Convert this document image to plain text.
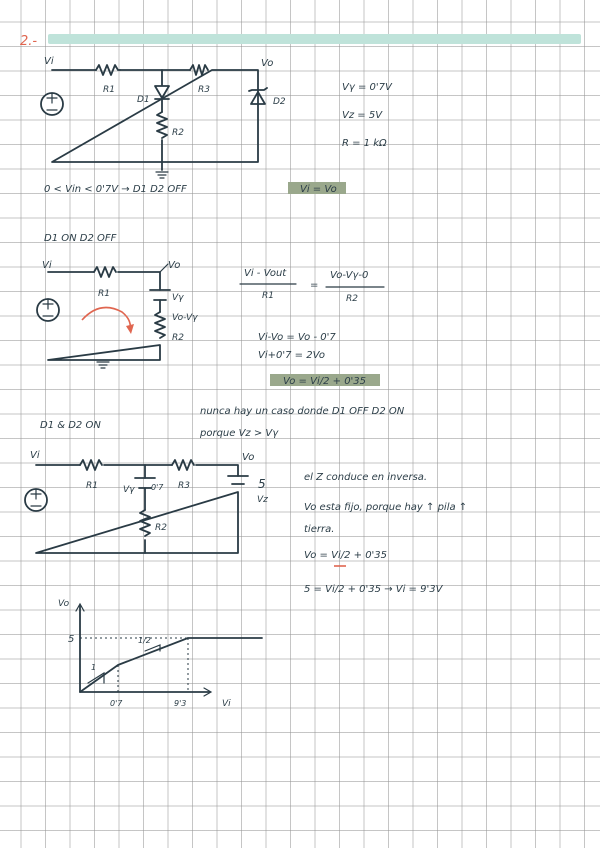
2.-
Vi	Vo
R1	R3
D1
R2
D2
Vγ = 0'7V
Vz = 5V
R = 1 kΩ
0 < Vin < 0'7V → D1 D2 OFF	Vi = Vo
D1 ON D2 OFF
Vi	Vo
R1	Vγ
Vo-Vγ
R2
Vi - Vout
R1
=
Vo-Vγ-0
R2
Vi-Vo = Vo - 0'7
Vi+0'7 = 2Vo
Vo = Vi/2 + 0'35
nunca hay un caso donde D1 OFF D2 ON
porque Vz > Vγ
D1 & D2 ON
Vi	Vo
R1	R3
Vγ 0'7
R2
5
Vz
el Z conduce en inversa.
Vo esta fijo, porque hay ↑ pila ↑
tierra.
Vo = Vi/2 + 0'35
5 = Vi/2 + 0'35 → Vi = 9'3V
Vo
Vi
5
0'7	9'3
1
1/2
